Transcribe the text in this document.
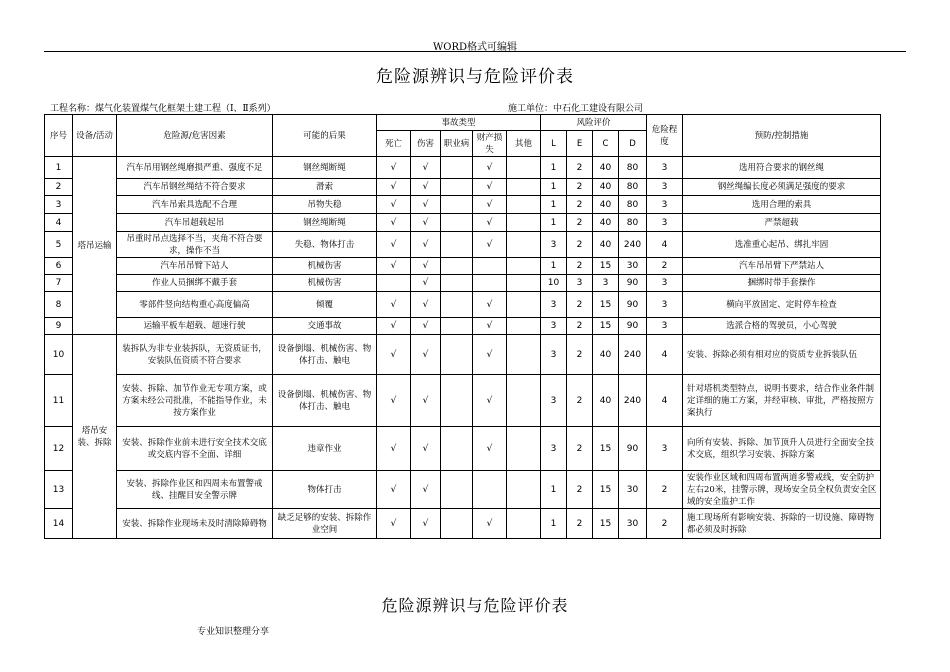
WORD格式可编辑
危险源辨识与危险评价表
工程名称：煤气化装置煤气化框架土建工程（Ⅰ、Ⅱ系列）	施工单位：中石化工建设有限公司
序号	设备/活动	危险源/危害因素	可能的后果	事故类型					风险评价				危险程度	预防/控制措施
				死亡	伤害	职业病	财产损失	其他	L	E	C	D		
1	塔吊运输	汽车吊用钢丝绳磨损严重、强度不足	钢丝绳断绳	√	√		√		1	2	40	80	3	选用符合要求的钢丝绳
2		汽车吊钢丝绳结不符合要求	滑索	√	√		√		1	2	40	80	3	钢丝绳编长度必须满足强度的要求
3		汽车吊索具选配不合理	吊物失稳	√	√		√		1	2	40	80	3	选用合理的索具
4		汽车吊超载起吊	钢丝绳断绳	√	√		√		1	2	40	80	3	严禁超载
5		吊重时吊点选择不当，夹角不符合要求，操作不当	失稳、物体打击	√	√		√		3	2	40	240	4	选准重心起吊、绑扎牢固
6		汽车吊吊臂下站人	机械伤害	√	√				1	2	15	30	2	汽车吊吊臂下严禁站人
7		作业人员捆绑不戴手套	机械伤害		√				10	3	3	90	3	捆绑时带手套操作
8		零部件竖向结构重心高度偏高	倾覆	√	√		√		3	2	15	90	3	横向平放固定、定时停车检查
9		运输平板车超载、超速行驶	交通事故	√	√		√		3	2	15	90	3	选派合格的驾驶员，小心驾驶
10	塔吊安装、拆除	装拆队为非专业装拆队，无资质证书，安装队伍资质不符合要求	设备倒塌、机械伤害、物体打击、触电	√	√		√		3	2	40	240	4	安装、拆除必须有相对应的资质专业拆装队伍
11		安装、拆除、加节作业无专项方案，或方案未经公司批准，不能指导作业，未按方案作业	设备倒塌、机械伤害、物体打击、触电	√	√		√		3	2	40	240	4	针对塔机类型特点，说明书要求，结合作业条件制定详细的施工方案，并经审核、审批，严格按照方案执行
12		安装、拆除作业前未进行安全技术交底或交底内容不全面、详细	违章作业	√	√		√		3	2	15	90	3	向所有安装、拆除、加节顶升人员进行全面安全技术交底，组织学习安装、拆除方案
13		安装、拆除作业区和四周未布置警戒线、挂醒目安全警示牌	物体打击	√	√				1	2	15	30	2	安装作业区域和四周布置两道多警戒线，安全防护左右20米，挂警示牌，现场安全员全权负责安全区域的安全监护工作
14		安装、拆除作业现场未及时清除障碍物	缺乏足够的安装、拆除作业空间	√	√		√		1	2	15	30	2	施工现场所有影响安装、拆除的一切设施、障碍物都必须及时拆除
危险源辨识与危险评价表
专业知识整理分享
